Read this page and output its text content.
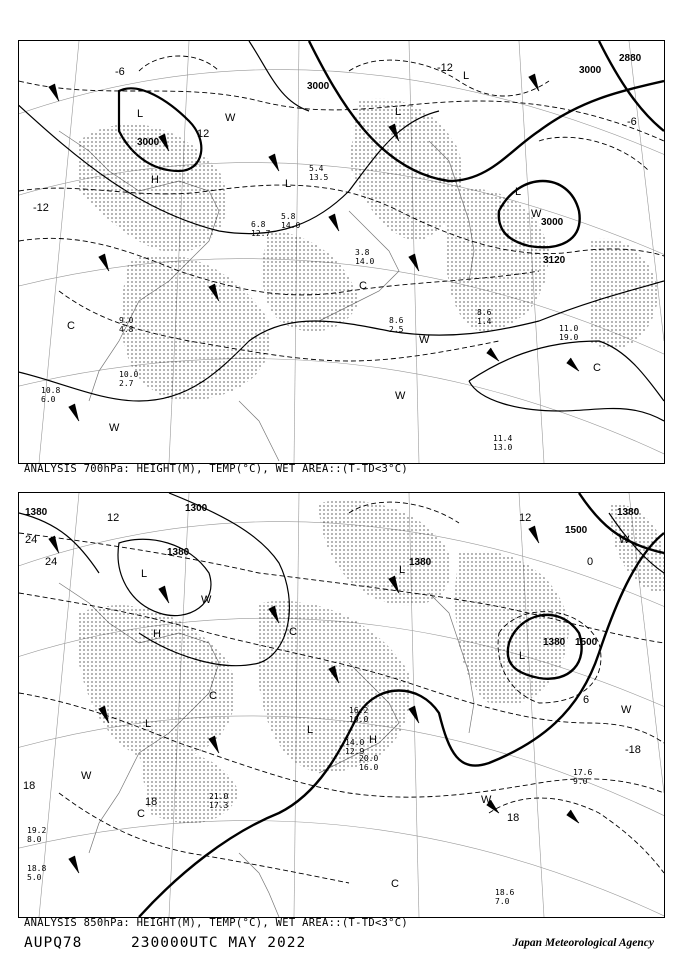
3000
3000
3000
3000
2880
3120
-6
-12
-6
12
-12
L
L
L
L
L
H
C
C
C
W
W
W
W
W
3.8
14.0
8.6
2.5
8.6
1.4
11.4
13.0
11.0
19.0
10.8
6.0
9.0
4.8
10.0
2.7
5.4
13.5
6.8
12.7
5.8
14.0
ANALYSIS 700hPa: HEIGHT(M), TEMP(°C), WET AREA::(T-TD<3°C)
1380	1300
1380
1380
1500
1500
1380
1380
24
24
12
0
18
18
-18
18
12
6
L	L
L
L
H
H
L
C
C
C
W
W
W
W
W
C
18.6
7.0
17.6
9.0
16.2
10.0
20.0
16.0
14.0
12.9
21.0
17.3
19.2
8.0
18.8
5.0
ANALYSIS 850hPa: HEIGHT(M), TEMP(°C), WET AREA::(T-TD<3°C)
AUPQ78	230000UTC MAY 2022	Japan Meteorological Agency
